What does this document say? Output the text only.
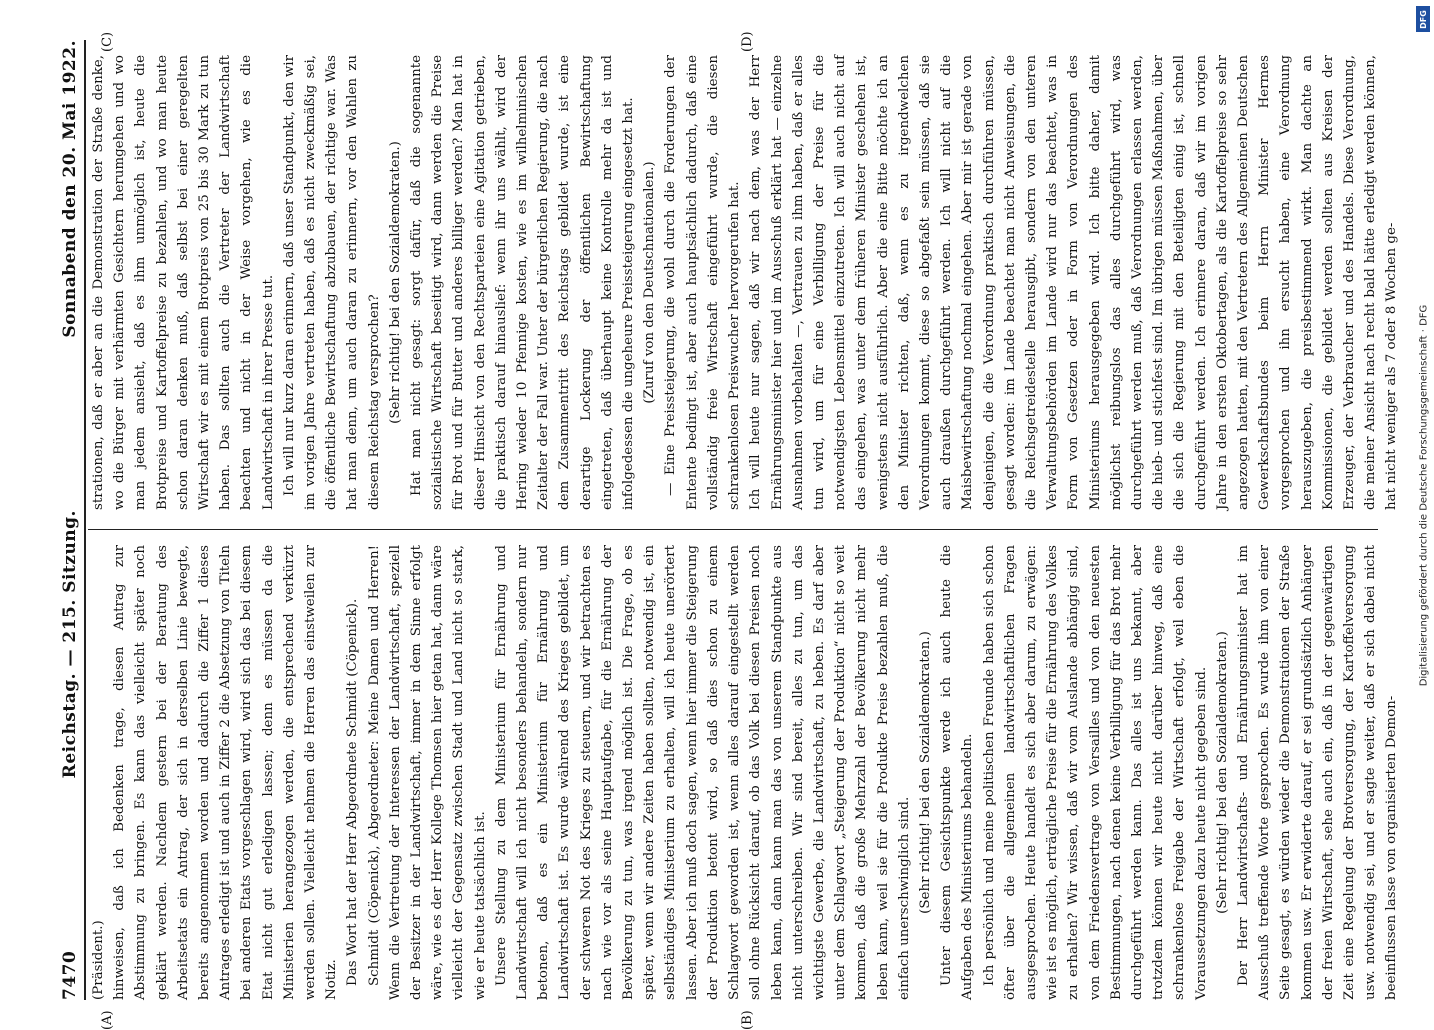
7470
Reichstag. — 215. Sitzung.
Sonnabend den 20. Mai 1922.
(A)	(B)
(C)	(D)

(Präsident.) hinweisen, daß ich Bedenken trage, diesen Antrag zur Abstimmung zu bringen. Es kann das vielleicht später noch geklärt werden. Nachdem gestern bei der Beratung des Arbeitsetats ein Antrag, der sich in derselben Linie bewegte, bereits angenommen worden und dadurch die Ziffer 1 dieses Antrages erledigt ist und auch in Ziffer 2 die Absetzung von Titeln bei anderen Etats vorgeschlagen wird, wird sich das bei diesem Etat nicht gut erledigen lassen; denn es müssen da die Ministerien herangezogen werden, die entsprechend verkürzt werden sollen. Vielleicht nehmen die Herren das einstweilen zur Notiz. Das Wort hat der Herr Abgeordnete Schmidt (Cöpenick). Schmidt (Cöpenick), Abgeordneter: Meine Damen und Herren! Wenn die Vertretung der Interessen der Landwirtschaft, speziell der Besitzer in der Landwirtschaft, immer in dem Sinne erfolgt wäre, wie es der Herr Kollege Thomsen hier getan hat, dann wäre vielleicht der Gegensatz zwischen Stadt und Land nicht so stark, wie er heute tatsächlich ist. Unsere Stellung zu dem Ministerium für Ernährung und Landwirtschaft will ich nicht besonders behandeln, sondern nur betonen, daß es ein Ministerium für Ernährung und Landwirtschaft ist. Es wurde während des Krieges gebildet, um der schweren Not des Krieges zu steuern, und wir betrachten es nach wie vor als seine Hauptaufgabe, für die Ernährung der Bevölkerung zu tun, was irgend möglich ist. Die Frage, ob es später, wenn wir andere Zeiten haben sollten, notwendig ist, ein selbständiges Ministerium zu erhalten, will ich heute unerörtert lassen. Aber ich muß doch sagen, wenn hier immer die Steigerung der Produktion betont wird, so daß dies schon zu einem Schlagwort geworden ist, wenn alles darauf eingestellt werden soll ohne Rücksicht darauf, ob das Volk bei diesen Preisen noch leben kann, dann kann man das von unserem Standpunkte aus nicht unterschreiben. Wir sind bereit, alles zu tun, um das wichtigste Gewerbe, die Landwirtschaft, zu heben. Es darf aber unter dem Schlagwort „Steigerung der Produktion“ nicht so weit kommen, daß die große Mehrzahl der Bevölkerung nicht mehr leben kann, weil sie für die Produkte Preise bezahlen muß, die einfach unerschwinglich sind. (Sehr richtig! bei den Sozialdemokraten.) Unter diesem Gesichtspunkte werde ich auch heute die Aufgaben des Ministeriums behandeln. Ich persönlich und meine politischen Freunde haben sich schon öfter über die allgemeinen landwirtschaftlichen Fragen ausgesprochen. Heute handelt es sich aber darum, zu erwägen: wie ist es möglich, erträgliche Preise für die Ernährung des Volkes zu erhalten? Wir wissen, daß wir vom Auslande abhängig sind, von dem Friedensvertrage von Versailles und von den neuesten Bestimmungen, nach denen keine Verbilligung für das Brot mehr durchgeführt werden kann. Das alles ist uns bekannt, aber trotzdem können wir heute nicht darüber hinweg, daß eine schrankenlose Freigabe der Wirtschaft erfolgt, weil eben die Voraussetzungen dazu heute nicht gegeben sind. (Sehr richtig! bei den Sozialdemokraten.) Der Herr Landwirtschafts- und Ernährungsminister hat im Ausschuß treffende Worte gesprochen. Es wurde ihm von einer Seite gesagt, es würden wieder die Demonstrationen der Straße kommen usw. Er erwiderte darauf, er sei grundsätzlich Anhänger der freien Wirtschaft, sehe auch ein, daß in der gegenwärtigen Zeit eine Regelung der Brotversorgung, der Kartoffelversorgung usw. notwendig sei, und er sagte weiter, daß er sich dabei nicht beeinflussen lasse von organisierten Demon-

strationen, daß er aber an die Demonstration der Straße denke, wo die Bürger mit verhärmten Gesichtern herumgehen und wo man jedem ansieht, daß es ihm unmöglich ist, heute die Brotpreise und Kartoffelpreise zu bezahlen, und wo man heute schon daran denken muß, daß selbst bei einer geregelten Wirtschaft wir es mit einem Brotpreis von 25 bis 30 Mark zu tun haben. Das sollten auch die Vertreter der Landwirtschaft beachten und nicht in der Weise vorgehen, wie es die Landwirtschaft in ihrer Presse tut. Ich will nur kurz daran erinnern, daß unser Standpunkt, den wir im vorigen Jahre vertreten haben, daß es nicht zweckmäßig sei, die öffentliche Bewirtschaftung abzubauen, der richtige war. Was hat man denn, um auch daran zu erinnern, vor den Wahlen zu diesem Reichstag versprochen? (Sehr richtig! bei den Sozialdemokraten.) Hat man nicht gesagt: sorgt dafür, daß die sogenannte sozialistische Wirtschaft beseitigt wird, dann werden die Preise für Brot und für Butter und anderes billiger werden? Man hat in dieser Hinsicht von den Rechtsparteien eine Agitation getrieben, die praktisch darauf hinauslief: wenn ihr uns wählt, wird der Hering wieder 10 Pfennige kosten, wie es im wilhelminischen Zeitalter der Fall war. Unter der bürgerlichen Regierung, die nach dem Zusammentritt des Reichstags gebildet wurde, ist eine derartige Lockerung der öffentlichen Bewirtschaftung eingetreten, daß überhaupt keine Kontrolle mehr da ist und infolgedessen die ungeheure Preissteigerung eingesetzt hat. (Zuruf von den Deutschnationalen.) — Eine Preissteigerung, die wohl durch die Forderungen der Entente bedingt ist, aber auch hauptsächlich dadurch, daß eine vollständig freie Wirtschaft eingeführt wurde, die diesen schrankenlosen Preiswucher hervorgerufen hat. Ich will heute nur sagen, daß wir nach dem, was der Herr Ernährungsminister hier und im Ausschuß erklärt hat — einzelne Ausnahmen vorbehalten —, Vertrauen zu ihm haben, daß er alles tun wird, um für eine Verbilligung der Preise für die notwendigsten Lebensmittel einzutreten. Ich will auch nicht auf das eingehen, was unter dem früheren Minister geschehen ist, wenigstens nicht ausführlich. Aber die eine Bitte möchte ich an den Minister richten, daß, wenn es zu irgendwelchen Verordnungen kommt, diese so abgefaßt sein müssen, daß sie auch draußen durchgeführt werden. Ich will nicht auf die Maisbewirtschaftung nochmal eingehen. Aber mir ist gerade von denjenigen, die die Verordnung praktisch durchführen müssen, gesagt worden: im Lande beachtet man nicht Anweisungen, die die Reichsgetreidestelle herausgibt, sondern von den unteren Verwaltungsbehörden im Lande wird nur das beachtet, was in Form von Gesetzen oder in Form von Verordnungen des Ministeriums herausgegeben wird. Ich bitte daher, damit möglichst reibungslos das alles durchgeführt wird, was durchgeführt werden muß, daß Verordnungen erlassen werden, die hieb- und stichfest sind. Im übrigen müssen Maßnahmen, über die sich die Regierung mit den Beteiligten einig ist, schnell durchgeführt werden. Ich erinnere daran, daß wir im vorigen Jahre in den ersten Oktobertagen, als die Kartoffelpreise so sehr angezogen hatten, mit den Vertretern des Allgemeinen Deutschen Gewerkschaftsbundes beim Herrn Minister Hermes vorgesprochen und ihn ersucht haben, eine Verordnung herauszugeben, die preisbestimmend wirkt. Man dachte an Kommissionen, die gebildet werden sollten aus Kreisen der Erzeuger, der Verbraucher und des Handels. Diese Verordnung, die meiner Ansicht nach recht bald hätte erledigt werden können, hat nicht weniger als 7 oder 8 Wochen ge-	Digitalisierung gefördert durch die Deutsche Forschungsgemeinschaft · DFG
DFG
